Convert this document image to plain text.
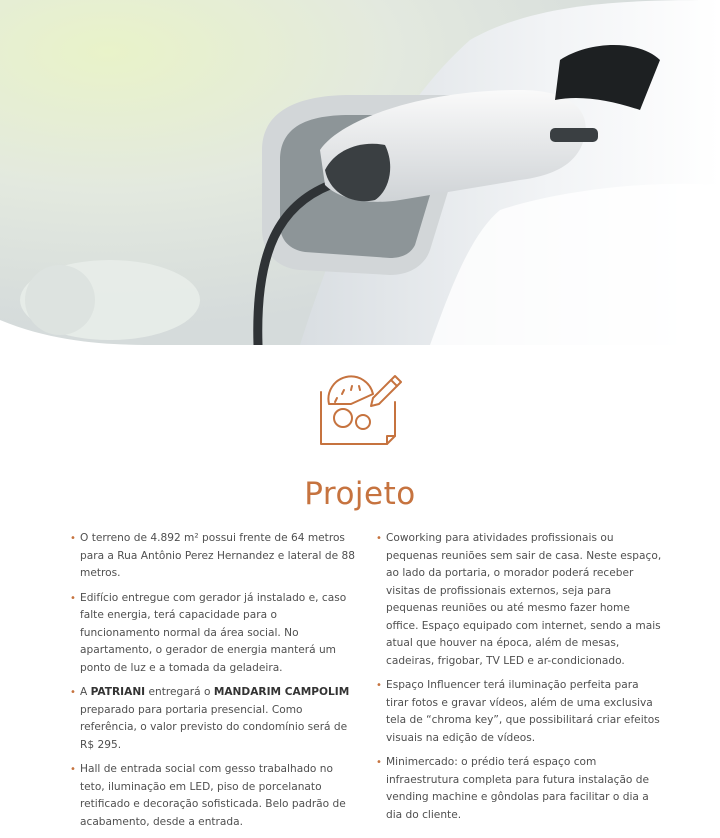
Projeto
• O terreno de 4.892 m² possui frente de 64 metros para a Rua Antônio Perez Hernandez e lateral de 88 metros.
• Edifício entregue com gerador já instalado e, caso falte energia, terá capacidade para o funcionamento normal da área social. No apartamento, o gerador de energia manterá um ponto de luz e a tomada da geladeira.
• A PATRIANI entregará o MANDARIM CAMPOLIM preparado para portaria presencial. Como referência, o valor previsto do condomínio será de R$ 295.
• Hall de entrada social com gesso trabalhado no teto, iluminação em LED, piso de porcelanato retificado e decoração sofisticada. Belo padrão de acabamento, desde a entrada.
• Coworking para atividades profissionais ou pequenas reuniões sem sair de casa. Neste espaço, ao lado da portaria, o morador poderá receber visitas de profissionais externos, seja para pequenas reuniões ou até mesmo fazer home office. Espaço equipado com internet, sendo a mais atual que houver na época, além de mesas, cadeiras, frigobar, TV LED e ar-condicionado.
• Espaço Influencer terá iluminação perfeita para tirar fotos e gravar vídeos, além de uma exclusiva tela de “chroma key”, que possibilitará criar efeitos visuais na edição de vídeos.
• Minimercado: o prédio terá espaço com infraestrutura completa para futura instalação de vending machine e gôndolas para facilitar o dia a dia do cliente.
